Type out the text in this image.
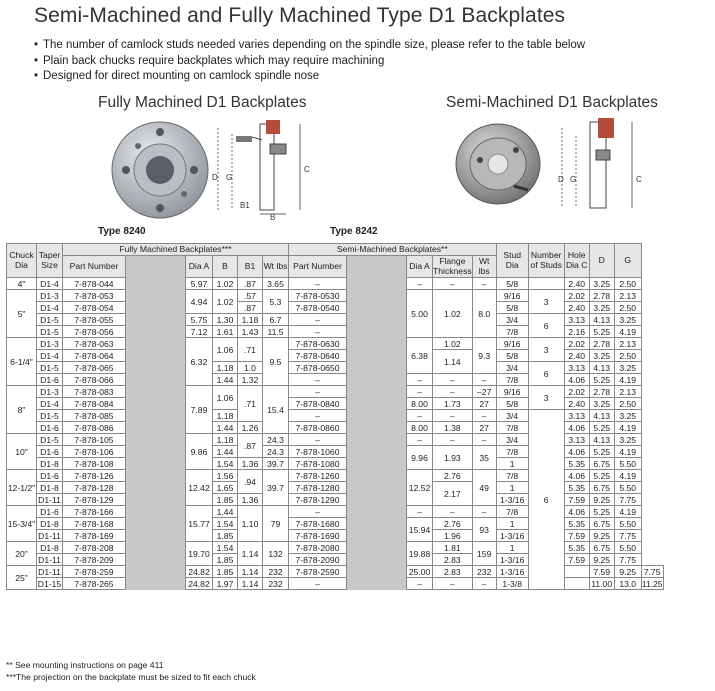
Semi-Machined and Fully Machined Type D1 Backplates
• The number of camlock studs needed varies depending on the spindle size, please refer to the table below
• Plain back chucks require backplates which may require machining
• Designed for direct mounting on camlock spindle nose
Fully Machined D1 Backplates	Semi-Machined D1 Backplates
D G
C
B1
B
D G	C
Type 8240	Type 8242
Chuck Dia	Taper Size	Fully Machined Backplates***						Semi-Machined Backplates**					Stud Dia	Number of Studs	Hole Dia C	D	G	
		Part Number		Dia A	B	B1	Wt lbs	Part Number		Dia A	Flange Thickness	Wt lbs						
4"	D1-4	7-878-044		5.97	1.02	.87	3.65	–		–	–	–	5/8		2.40	3.25	2.50	
5"	D1-3	7-878-053		4.94	1.02	.57	5.3	7-878-0530		5.00	1.02	8.0	9/16	3	2.02	2.78	2.13	
	D1-4	7-878-054				.87		7-878-0540					5/8		2.40	3.25	2.50	
	D1-5	7-878-055		5.75	1.30	1.18	6.7	–					3/4	6	3.13	4.13	3.25	
	D1-5	7-878-056		7.12	1.61	1.43	11.5	–					7/8		2.16	5.25	4.19	
6-1/4"	D1-3	7-878-063		6.32	1.06	.71	9.5	7-878-0630		6.38	1.02	9.3	9/16	3	2.02	2.78	2.13	
	D1-4	7-878-064						7-878-0640			1.14		5/8		2.40	3.25	2.50	
	D1-5	7-878-065			1.18	1.0		7-878-0650					3/4	6	3.13	4.13	3.25	
	D1-6	7-878-066			1.44	1.32		–		–	–	–	7/8		4.06	5.25	4.19	
8"	D1-3	7-878-083		7.89	1.06	.71	15.4	–		–	–	–27	9/16	3	2.02	2.78	2.13	
	D1-4	7-878-084						7-878-0840		8.00	1.73	27	5/8		2.40	3.25	2.50	
	D1-5	7-878-085			1.18			–		–	–	–	3/4	6	3.13	4.13	3.25	
	D1-6	7-878-086			1.44	1.26		7-878-0860		8.00	1.38	27	7/8		4.06	5.25	4.19	
10"	D1-5	7-878-105		9.86	1.18	.87	24.3	–		–	–	–	3/4		3.13	4.13	3.25	
	D1-6	7-878-106			1.44		24.3	7-878-1060		9.96	1.93	35	7/8		4.06	5.25	4.19	
	D1-8	7-878-108			1.54	1.36	39.7	7-878-1080					1		5.35	6.75	5.50	
12-1/2"	D1-6	7-878-126		12.42	1.56	.94	39.7	7-878-1260		12.52	2.76	49	7/8		4.06	5.25	4.19	
	D1-8	7-878-128			1.65			7-878-1280			2.17		1		5.35	6.75	5.50	
	D1-11	7-878-129			1.85	1.36		7-878-1290					1-3/16		7.59	9.25	7.75	
15-3/4"	D1-6	7-878-166		15.77	1.44	1.10	79	–		–	–	–	7/8		4.06	5.25	4.19	
	D1-8	7-878-168			1.54			7-878-1680		15.94	2.76	93	1		5.35	6.75	5.50	
	D1-11	7-878-169			1.85			7-878-1690			1.96		1-3/16		7.59	9.25	7.75	
20"	D1-8	7-878-208		19.70	1.54	1.14	132	7-878-2080		19.88	1.81	159	1		5.35	6.75	5.50	
	D1-11	7-878-209			1.85			7-878-2090			2.83		1-3/16		7.59	9.25	7.75	
25"	D1-11	7-878-259		24.82	1.85	1.14	232	7-878-2590		25.00	2.83	232	1-3/16			7.59	9.25	7.75
	D1-15	7-878-265		24.82	1.97	1.14	232	–		–	–	–	1-3/8			11.00	13.0	11.25
** See mounting instructions on page 411
***The projection on the backplate must be sized to fit each chuck
